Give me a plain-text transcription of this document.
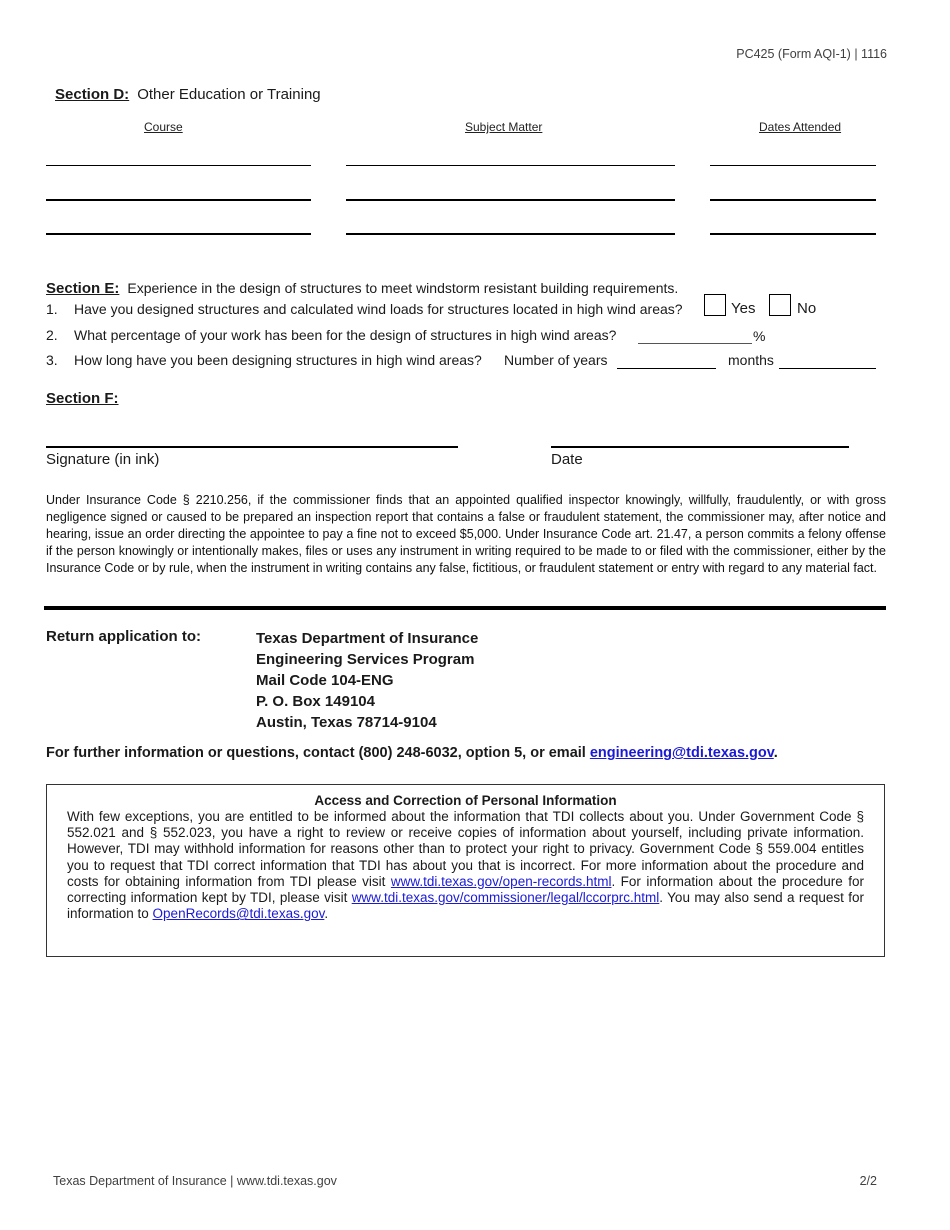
PC425 (Form AQI-1) | 1116
Section D: Other Education or Training
Course	Subject Matter	Dates Attended
Section E: Experience in the design of structures to meet windstorm resistant building requirements.
1. Have you designed structures and calculated wind loads for structures located in high wind areas?	Yes	No
2. What percentage of your work has been for the design of structures in high wind areas?	%
3. How long have you been designing structures in high wind areas? Number of years	months
Section F:
Signature (in ink)	Date
Under Insurance Code § 2210.256, if the commissioner finds that an appointed qualified inspector knowingly, willfully, fraudulently, or with gross negligence signed or caused to be prepared an inspection report that contains a false or fraudulent statement, the commissioner may, after notice and hearing, issue an order directing the appointee to pay a fine not to exceed $5,000. Under Insurance Code art. 21.47, a person commits a felony offense if the person knowingly or intentionally makes, files or uses any instrument in writing required to be made to or filed with the commissioner, either by the Insurance Code or by rule, when the instrument in writing contains any false, fictitious, or fraudulent statement or entry with regard to any material fact.
Return application to:	Texas Department of Insurance
Engineering Services Program
Mail Code 104-ENG
P. O. Box 149104
Austin, Texas 78714-9104
For further information or questions, contact (800) 248-6032, option 5, or email engineering@tdi.texas.gov.
Access and Correction of Personal Information
With few exceptions, you are entitled to be informed about the information that TDI collects about you. Under Government Code § 552.021 and § 552.023, you have a right to review or receive copies of information about yourself, including private information. However, TDI may withhold information for reasons other than to protect your right to privacy. Government Code § 559.004 entitles you to request that TDI correct information that TDI has about you that is incorrect. For more information about the procedure and costs for obtaining information from TDI please visit www.tdi.texas.gov/open-records.html. For information about the procedure for correcting information kept by TDI, please visit www.tdi.texas.gov/commissioner/legal/lccorprc.html. You may also send a request for information to OpenRecords@tdi.texas.gov.
Texas Department of Insurance | www.tdi.texas.gov	2/2
